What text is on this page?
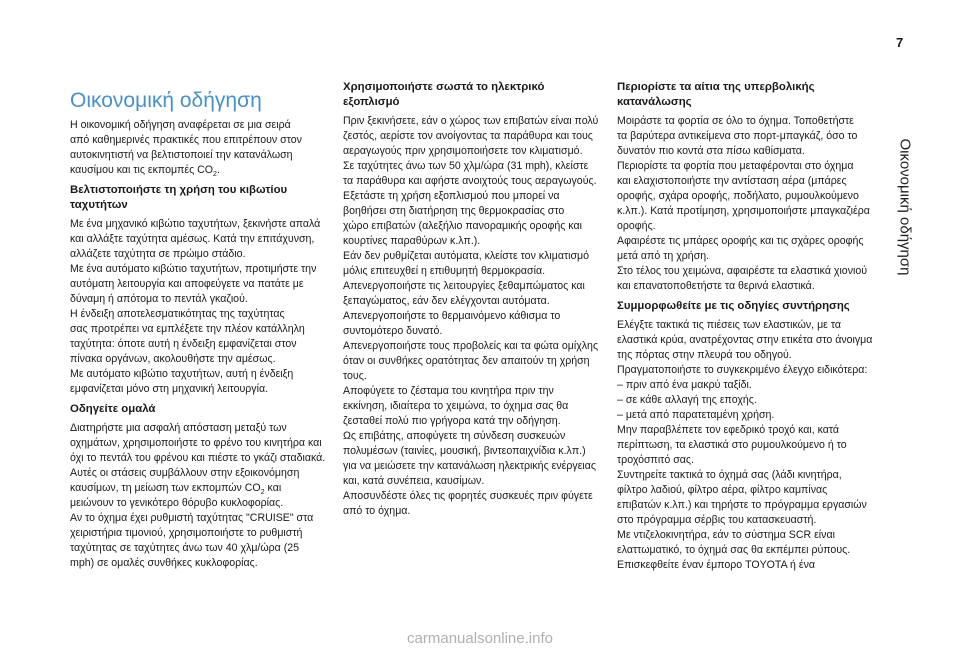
7
Οικονομική οδήγηση
Οικονομική οδήγηση

Η οικονομική οδήγηση αναφέρεται σε μια σειρά
από καθημερινές πρακτικές που επιτρέπουν στον
αυτοκινητιστή να βελτιστοποιεί την κατανάλωση
καυσίμου και τις εκπομπές $CO_2$.

Βελτιστοποιήστε τη χρήση του κιβωτίου
ταχυτήτων

Με ένα μηχανικό κιβώτιο ταχυτήτων, ξεκινήστε απαλά
και αλλάξτε ταχύτητα αμέσως. Κατά την επιτάχυνση,
αλλάζετε ταχύτητα σε πρώιμο στάδιο.
Με ένα αυτόματο κιβώτιο ταχυτήτων, προτιμήστε την
αυτόματη λειτουργία και αποφεύγετε να πατάτε με
δύναμη ή απότομα το πεντάλ γκαζιού.
Η ένδειξη αποτελεσματικότητας της ταχύτητας
σας προτρέπει να εμπλέξετε την πλέον κατάλληλη
ταχύτητα: όποτε αυτή η ένδειξη εμφανίζεται στον
πίνακα οργάνων, ακολουθήστε την αμέσως.
Με αυτόματο κιβώτιο ταχυτήτων, αυτή η ένδειξη
εμφανίζεται μόνο στη μηχανική λειτουργία.

Οδηγείτε ομαλά

Διατηρήστε μια ασφαλή απόσταση μεταξύ των
οχημάτων, χρησιμοποιήστε το φρένο του κινητήρα και
όχι το πεντάλ του φρένου και πιέστε το γκάζι σταδιακά.
Αυτές οι στάσεις συμβάλλουν στην εξοικονόμηση
καυσίμων, τη μείωση των εκπομπών $CO_2$ και
μειώνουν το γενικότερο θόρυβο κυκλοφορίας.
Αν το όχημα έχει ρυθμιστή ταχύτητας "CRUISE" στα
χειριστήρια τιμονιού, χρησιμοποιήστε το ρυθμιστή
ταχύτητας σε ταχύτητες άνω των 40 χλμ/ώρα (25
mph) σε ομαλές συνθήκες κυκλοφορίας.

Χρησιμοποιήστε σωστά το ηλεκτρικό
εξοπλισμό

Πριν ξεκινήσετε, εάν ο χώρος των επιβατών είναι πολύ
ζεστός, αερίστε τον ανοίγοντας τα παράθυρα και τους
αεραγωγούς πριν χρησιμοποιήσετε τον κλιματισμό.
Σε ταχύτητες άνω των 50 χλμ/ώρα (31 mph), κλείστε
τα παράθυρα και αφήστε ανοιχτούς τους αεραγωγούς.
Εξετάστε τη χρήση εξοπλισμού που μπορεί να
βοηθήσει στη διατήρηση της θερμοκρασίας στο
χώρο επιβατών (αλεξήλιο πανοραμικής οροφής και
κουρτίνες παραθύρων κ.λπ.).
Εάν δεν ρυθμίζεται αυτόματα, κλείστε τον κλιματισμό
μόλις επιτευχθεί η επιθυμητή θερμοκρασία.
Απενεργοποιήστε τις λειτουργίες ξεθαμπώματος και
ξεπαγώματος, εάν δεν ελέγχονται αυτόματα.
Απενεργοποιήστε το θερμαινόμενο κάθισμα το
συντομότερο δυνατό.
Απενεργοποιήστε τους προβολείς και τα φώτα ομίχλης
όταν οι συνθήκες ορατότητας δεν απαιτούν τη χρήση
τους.
Αποφύγετε το ζέσταμα του κινητήρα πριν την
εκκίνηση, ιδιαίτερα το χειμώνα, το όχημα σας θα
ζεσταθεί πολύ πιο γρήγορα κατά την οδήγηση.
Ως επιβάτης, αποφύγετε τη σύνδεση συσκευών
πολυμέσων (ταινίες, μουσική, βιντεοπαιχνίδια κ.λπ.)
για να μειώσετε την κατανάλωση ηλεκτρικής ενέργειας
και, κατά συνέπεια, καυσίμων.
Αποσυνδέστε όλες τις φορητές συσκευές πριν φύγετε
από το όχημα.

Περιορίστε τα αίτια της υπερβολικής
κατανάλωσης

Μοιράστε τα φορτία σε όλο το όχημα. Τοποθετήστε
τα βαρύτερα αντικείμενα στο πορτ-μπαγκάζ, όσο το
δυνατόν πιο κοντά στα πίσω καθίσματα.
Περιορίστε τα φορτία που μεταφέρονται στο όχημα
και ελαχιστοποιήστε την αντίσταση αέρα (μπάρες
οροφής, σχάρα οροφής, ποδήλατο, ρυμουλκούμενο
κ.λπ.). Κατά προτίμηση, χρησιμοποιήστε μπαγκαζιέρα
οροφής.
Αφαιρέστε τις μπάρες οροφής και τις σχάρες οροφής
μετά από τη χρήση.
Στο τέλος του χειμώνα, αφαιρέστε τα ελαστικά χιονιού
και επανατοποθετήστε τα θερινά ελαστικά.

Συμμορφωθείτε με τις οδηγίες συντήρησης

Ελέγξτε τακτικά τις πιέσεις των ελαστικών, με τα
ελαστικά κρύα, ανατρέχοντας στην ετικέτα στο άνοιγμα
της πόρτας στην πλευρά του οδηγού.
Πραγματοποιήστε το συγκεκριμένο έλεγχο ειδικότερα:
– πριν από ένα μακρύ ταξίδι.
– σε κάθε αλλαγή της εποχής.
– μετά από παρατεταμένη χρήση.
Μην παραβλέπετε τον εφεδρικό τροχό και, κατά
περίπτωση, τα ελαστικά στο ρυμουλκούμενο ή το
τροχόσπιτό σας.
Συντηρείτε τακτικά το όχημά σας (λάδι κινητήρα,
φίλτρο λαδιού, φίλτρο αέρα, φίλτρο καμπίνας
επιβατών κ.λπ.) και τηρήστε το πρόγραμμα εργασιών
στο πρόγραμμα σέρβις του κατασκευαστή.
Με ντιζελοκινητήρα, εάν το σύστημα SCR είναι
ελαττωματικό, το όχημά σας θα εκπέμπει ρύπους.
Επισκεφθείτε έναν έμπορο TOYOTA ή ένα

carmanualsonline.info
